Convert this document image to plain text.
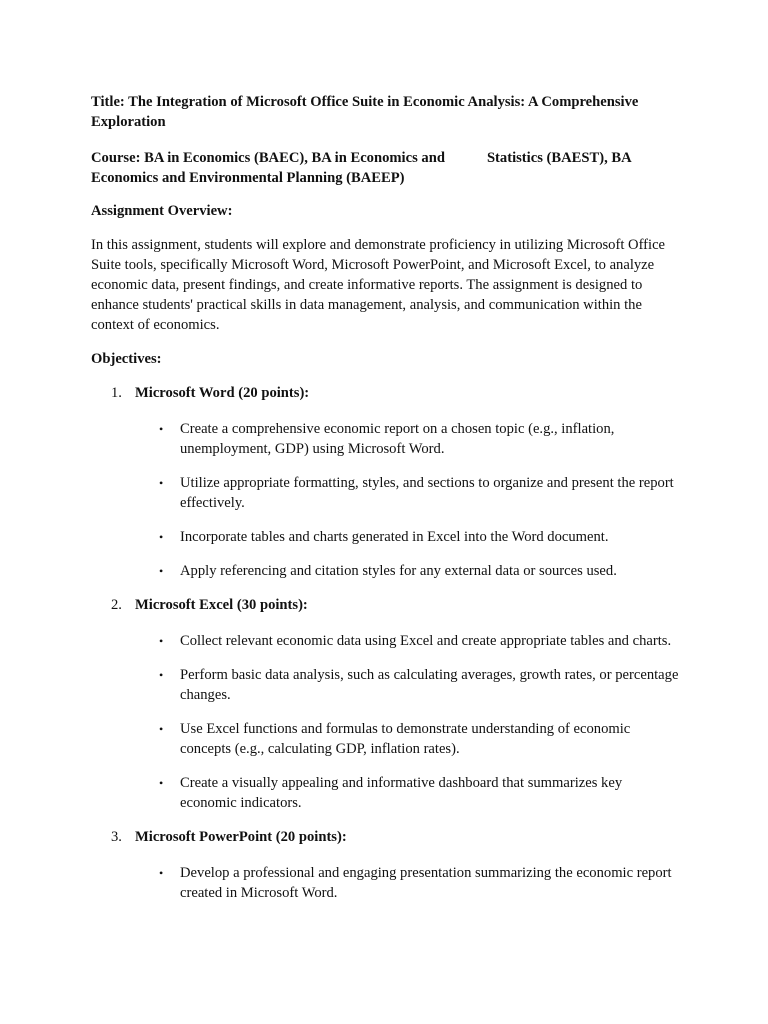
Title: The Integration of Microsoft Office Suite in Economic Analysis: A Comprehensive Exploration

Course: BA in Economics (BAEC), BA in Economics and	Statistics (BAEST), BA Economics and Environmental Planning (BAEEP)

Assignment Overview:

In this assignment, students will explore and demonstrate proficiency in utilizing Microsoft Office Suite tools, specifically Microsoft Word, Microsoft PowerPoint, and Microsoft Excel, to analyze economic data, present findings, and create informative reports. The assignment is designed to enhance students' practical skills in data management, analysis, and communication within the context of economics.

Objectives:

1. Microsoft Word (20 points):
• Create a comprehensive economic report on a chosen topic (e.g., inflation, unemployment, GDP) using Microsoft Word.
• Utilize appropriate formatting, styles, and sections to organize and present the report effectively.
• Incorporate tables and charts generated in Excel into the Word document.
• Apply referencing and citation styles for any external data or sources used.
2. Microsoft Excel (30 points):
• Collect relevant economic data using Excel and create appropriate tables and charts.
• Perform basic data analysis, such as calculating averages, growth rates, or percentage changes.
• Use Excel functions and formulas to demonstrate understanding of economic concepts (e.g., calculating GDP, inflation rates).
• Create a visually appealing and informative dashboard that summarizes key economic indicators.
3. Microsoft PowerPoint (20 points):
• Develop a professional and engaging presentation summarizing the economic report created in Microsoft Word.
